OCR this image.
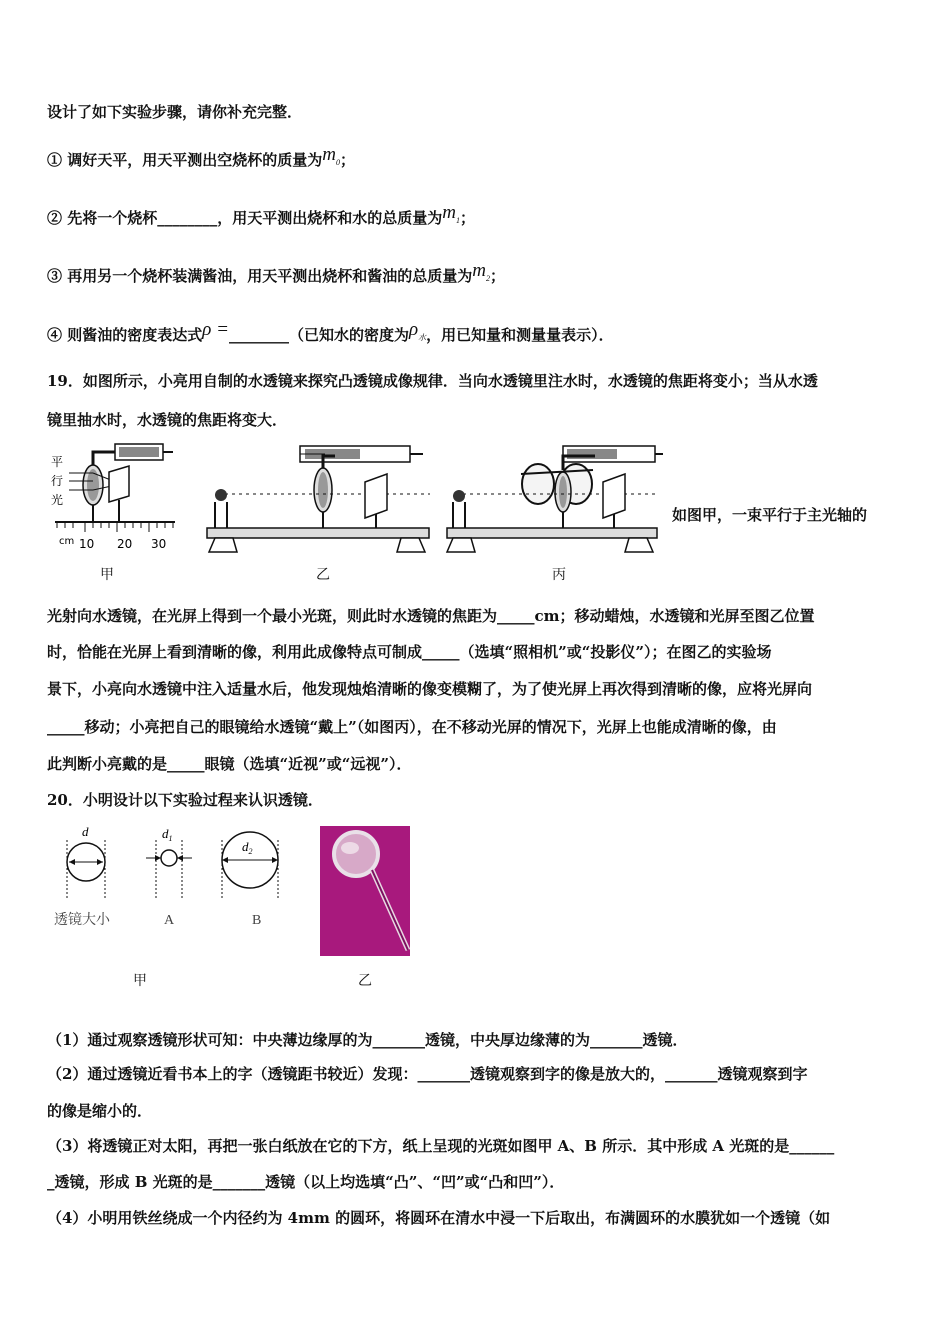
设计了如下实验步骤，请你补充完整．
① 调好天平，用天平测出空烧杯的质量为m0；
② 先将一个烧杯________，用天平测出烧杯和水的总质量为m1；
③ 再用另一个烧杯装满酱油，用天平测出烧杯和酱油的总质量为m2；
④ 则酱油的密度表达式ρ =________（已知水的密度为ρ水，用已知量和测量量表示）．
19．如图所示，小亮用自制的水透镜来探究凸透镜成像规律．当向水透镜里注水时，水透镜的焦距将变小；当从水透
镜里抽水时，水透镜的焦距将变大．
平
行
光
cm 10 20 30
甲	乙	丙
如图甲，一束平行于主光轴的
光射向水透镜，在光屏上得到一个最小光斑，则此时水透镜的焦距为_____cm；移动蜡烛，水透镜和光屏至图乙位置
时，恰能在光屏上看到清晰的像，利用此成像特点可制成_____（选填“照相机”或“投影仪”）；在图乙的实验场
景下，小亮向水透镜中注入适量水后，他发现烛焰清晰的像变模糊了，为了使光屏上再次得到清晰的像，应将光屏向
_____移动；小亮把自己的眼镜给水透镜“戴上”（如图丙），在不移动光屏的情况下，光屏上也能成清晰的像，由
此判断小亮戴的是_____眼镜（选填“近视”或“远视”）．
20．小明设计以下实验过程来认识透镜．
d	$d_1$
$d_2$
透镜大小	A	B
甲	乙
（1）通过观察透镜形状可知：中央薄边缘厚的为_______透镜，中央厚边缘薄的为_______透镜．
（2）通过透镜近看书本上的字（透镜距书较近）发现：_______透镜观察到字的像是放大的，_______透镜观察到字
的像是缩小的．
（3）将透镜正对太阳，再把一张白纸放在它的下方，纸上呈现的光斑如图甲 A、B 所示．其中形成 A 光斑的是______
_透镜，形成 B 光斑的是_______透镜（以上均选填“凸”、“凹”或“凸和凹”）．
（4）小明用铁丝绕成一个内径约为 4mm 的圆环，将圆环在清水中浸一下后取出，布满圆环的水膜犹如一个透镜（如
